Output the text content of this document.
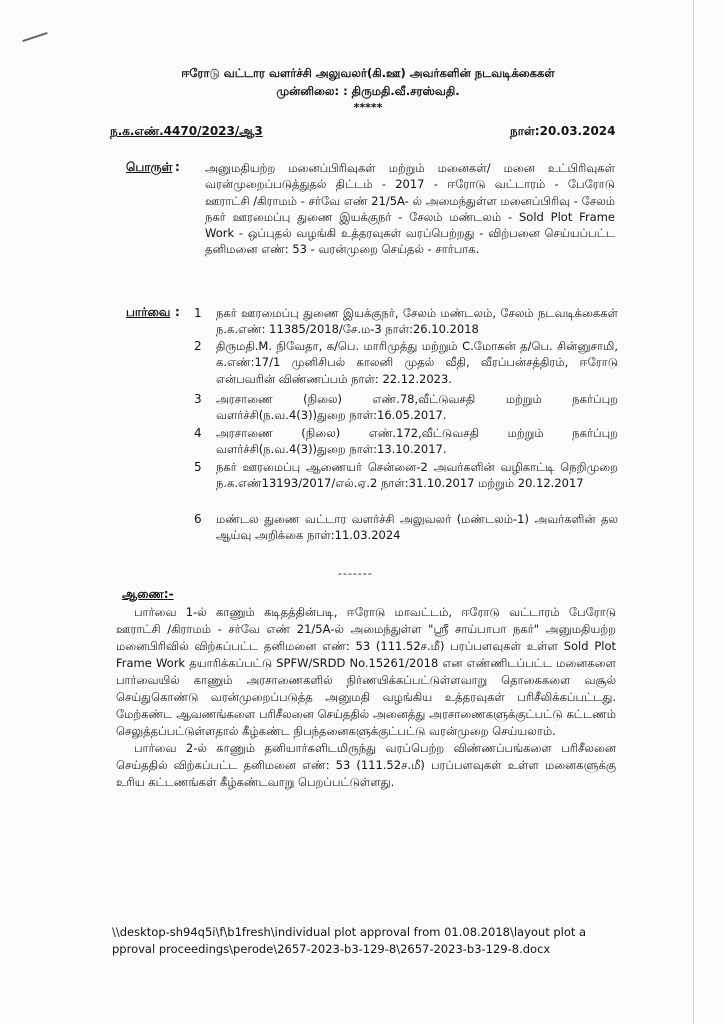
ஈரோடு வட்டார வளர்ச்சி அலுவலர்(கி.ஊ) அவர்களின் நடவடிக்கைகள்
முன்னிலை: : திருமதி.வீ.சரஸ்வதி.
*****
ந.க.எண்.4470/2023/ஆ3	நாள்:20.03.2024
பொருள் : அனுமதியற்ற மனைப்பிரிவுகள் மற்றும் மனைகள்/ மனை உட்பிரிவுகள் வரன்முறைப்படுத்துதல் திட்டம் - 2017 - ஈரோடு வட்டாரம் - பேரோடு ஊராட்சி /கிராமம் - சர்வே எண் 21/5A- ல் அமைந்துள்ள மனைப்பிரிவு - சேலம் நகர் ஊரமைப்பு துணை இயக்குநர் - சேலம் மண்டலம் - Sold Plot Frame Work - ஒப்புதல் வழங்கி உத்தரவுகள் வரப்பெற்றது - விற்பனை செய்யப்பட்ட தனிமனை எண்: 53 - வரன்முறை செய்தல் - சார்பாக.
பார்வை : 1 நகர் ஊரமைப்பு துணை இயக்குநர், சேலம் மண்டலம், சேலம் நடவடிக்கைகள் ந.க.எண்: 11385/2018/சே.ம-3 நாள்:26.10.2018
2 திருமதி.M. நிவேதா, க/பெ. மாரிமுத்து மற்றும் C.மோகன் த/பெ. சின்னுசாமி, க.எண்:17/1 முனிசிபல் காலனி முதல் வீதி, வீரப்பன்சத்திரம், ஈரோடு என்பவரின் விண்ணப்பம் நாள்: 22.12.2023.
3 அரசாணை (நிலை) எண்.78,வீட்டுவசதி மற்றும் நகர்ப்புற வளர்ச்சி(ந.வ.4(3))துறை நாள்:16.05.2017.
4 அரசாணை (நிலை) எண்.172,வீட்டுவசதி மற்றும் நகர்ப்புற வளர்ச்சி(ந.வ.4(3))துறை நாள்:13.10.2017.
5 நகர் ஊரமைப்பு ஆணையர் சென்னை-2 அவர்களின் வழிகாட்டி நெறிமுறை ந.க.எண்13193/2017/எல்.ஏ.2 நாள்:31.10.2017 மற்றும் 20.12.2017
6 மண்டல துணை வட்டார வளர்ச்சி அலுவலர் (மண்டலம்-1) அவர்களின் தல ஆய்வு அறிக்கை நாள்:11.03.2024
-------
ஆணை:-

பார்வை 1-ல் காணும் கடிதத்தின்படி, ஈரோடு மாவட்டம், ஈரோடு வட்டாரம் பேரோடு ஊராட்சி /கிராமம் - சர்வே எண் 21/5A-ல் அமைந்துள்ள "ஸ்ரீ சாய்பாபா நகர்" அனுமதியற்ற மனைபிரிவில் விற்கப்பட்ட தனிமனை எண்: 53 (111.52ச.மீ) பரப்பளவுகள் உள்ள Sold Plot Frame Work தயாரிக்கப்பட்டு SPFW/SRDD No.15261/2018 என எண்ணிடப்பட்ட மனைகளை பார்வையில் காணும் அரசாணைகளில் நிர்ணயிக்கப்பட்டுள்ளவாறு தொகைகளை வசூல் செய்துகொண்டு வரன்முறைப்படுத்த அனுமதி வழங்கிய உத்தரவுகள் பரிசீலிக்கப்பட்டது. மேற்கண்ட ஆவணங்களை பரிசீலனை செய்ததில் அனைத்து அரசாணைகளுக்குட்பட்டு கட்டணம் செலுத்தப்பட்டுள்ளதால் கீழ்கண்ட நிபந்தனைகளுக்குட்பட்டு வரன்முறை செய்யலாம்.

பார்வை 2-ல் காணும் தனியார்களிடமிருந்து வரப்பெற்ற விண்ணப்பங்களை பரிசீலனை செய்ததில் விற்கப்பட்ட தனிமனை எண்: 53 (111.52ச.மீ) பரப்பளவுகள் உள்ள மனைகளுக்கு உரிய கட்டணங்கள் கீழ்கண்டவாறு பெறப்பட்டுள்ளது.

\\desktop-sh94q5i\f\b1fresh\individual plot approval from 01.08.2018\layout plot approval proceedings\perode\2657-2023-b3-129-8\2657-2023-b3-129-8.docx
